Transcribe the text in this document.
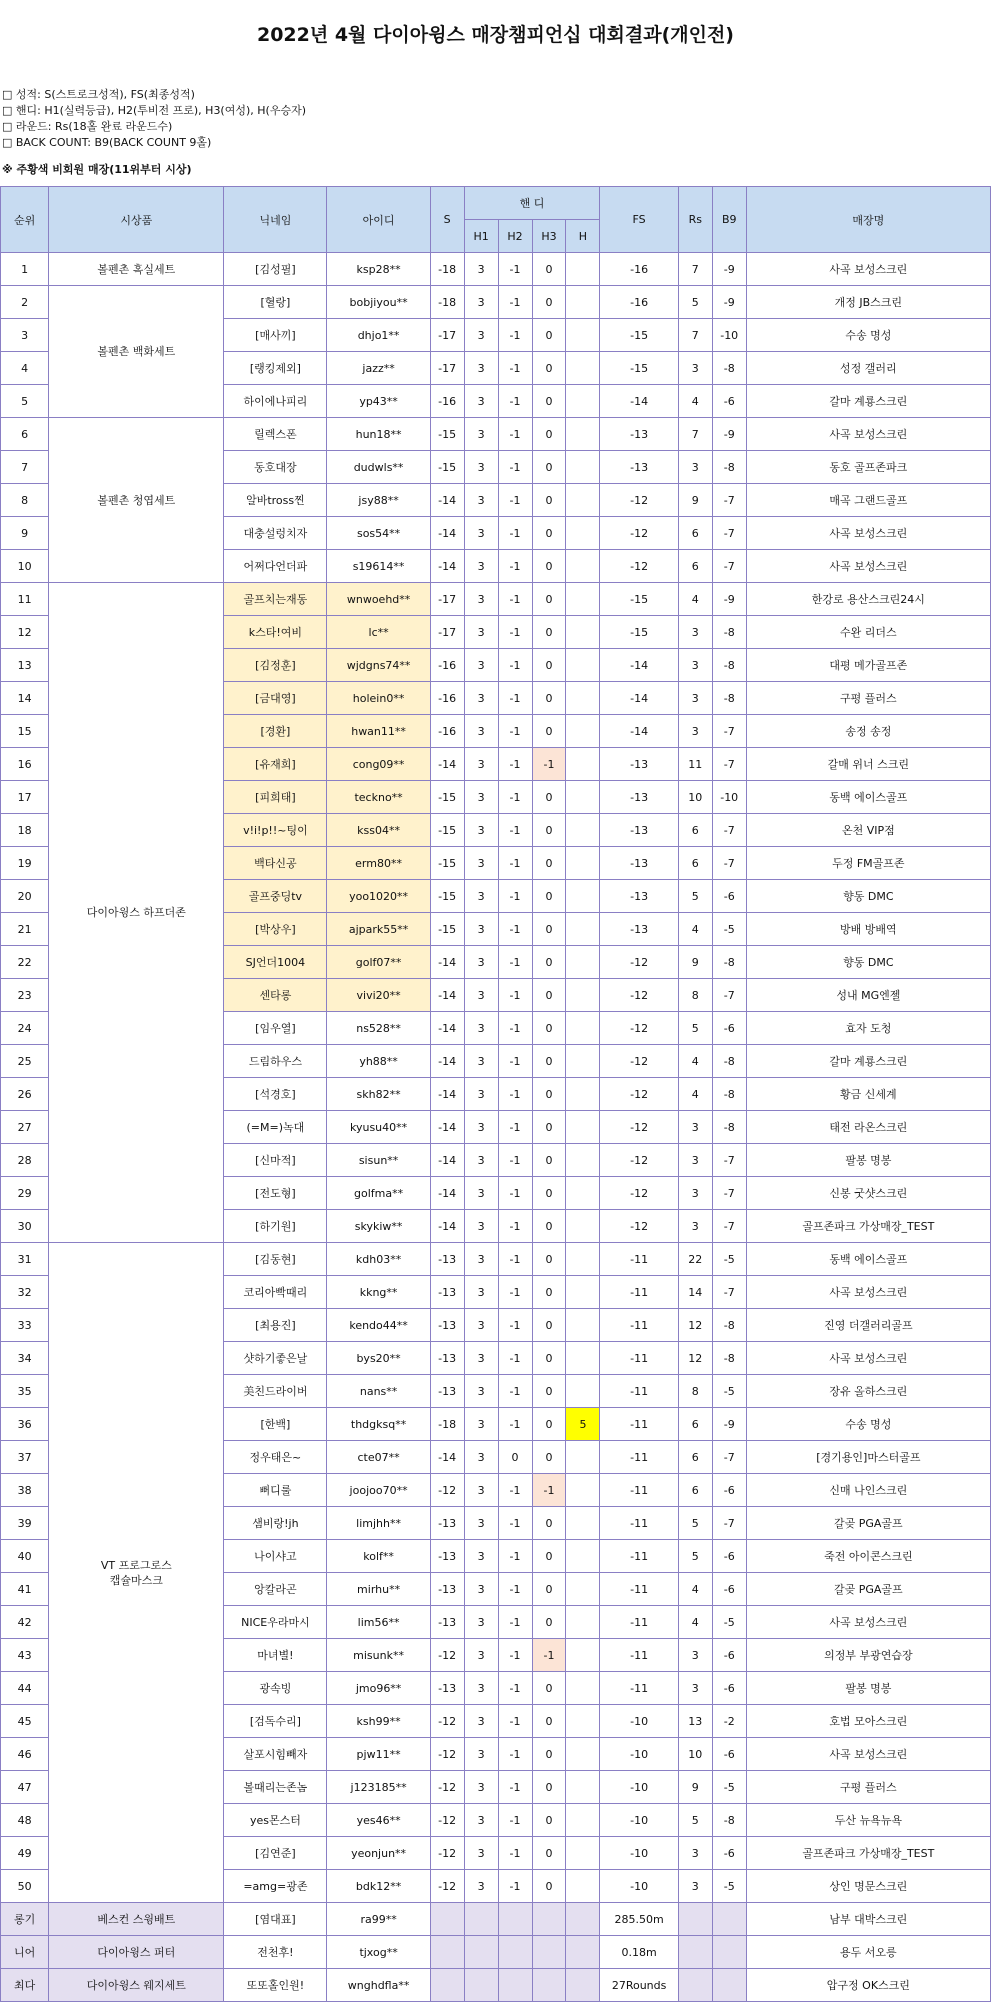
2022년 4월 다이아윙스 매장챔피언십 대회결과(개인전)
□ 성적: S(스트로크성적), FS(최종성적)
□ 핸디: H1(실력등급), H2(투비전 프로), H3(여성), H(우승자)
□ 라운드: Rs(18홀 완료 라운드수)
□ BACK COUNT: B9(BACK COUNT 9홀)
※ 주황색 비회원 매장(11위부터 시상)
순위	시상품	닉네임	아이디	S	핸 디				FS	Rs	B9	매장명
					H1	H2	H3	H				
1	볼펜촌 혹실세트	[김성필]	ksp28**	-18	3	-1	0		-16	7	-9	사곡 보성스크린
2	볼펜촌 백화세트	[혈랑]	bobjiyou**	-18	3	-1	0		-16	5	-9	개정 JB스크린
3		[매사끼]	dhjo1**	-17	3	-1	0		-15	7	-10	수송 명성
4		[랭킹제외]	jazz**	-17	3	-1	0		-15	3	-8	성정 갤러리
5		하이에나피리	yp43**	-16	3	-1	0		-14	4	-6	갈마 계룡스크린
6	볼펜촌 청엽세트	릴렉스폰	hun18**	-15	3	-1	0		-13	7	-9	사곡 보성스크린
7		동호대장	dudwls**	-15	3	-1	0		-13	3	-8	동호 골프존파크
8		알바tross찐	jsy88**	-14	3	-1	0		-12	9	-7	매곡 그랜드골프
9		대충설렁치자	sos54**	-14	3	-1	0		-12	6	-7	사곡 보성스크린
10		어쩌다언더파	s19614**	-14	3	-1	0		-12	6	-7	사곡 보성스크린
11	다이아윙스 하프더존	골프치는재동	wnwoehd**	-17	3	-1	0		-15	4	-9	한강로 용산스크린24시
12		k스타!여비	lc**	-17	3	-1	0		-15	3	-8	수완 리더스
13		[김정훈]	wjdgns74**	-16	3	-1	0		-14	3	-8	대평 메가골프존
14		[금대영]	holein0**	-16	3	-1	0		-14	3	-8	구평 플러스
15		[경환]	hwan11**	-16	3	-1	0		-14	3	-7	송정 송정
16		[유재희]	cong09**	-14	3	-1	-1		-13	11	-7	갈매 위너 스크린
17		[피희태]	teckno**	-15	3	-1	0		-13	10	-10	동백 에이스골프
18		v!i!p!!~팅이	kss04**	-15	3	-1	0		-13	6	-7	온천 VIP점
19		백타신공	erm80**	-15	3	-1	0		-13	6	-7	두정 FM골프존
20		골프중딩tv	yoo1020**	-15	3	-1	0		-13	5	-6	향동 DMC
21		[박상우]	ajpark55**	-15	3	-1	0		-13	4	-5	방배 방배역
22		SJ언더1004	golf07**	-14	3	-1	0		-12	9	-8	향동 DMC
23		센타롱	vivi20**	-14	3	-1	0		-12	8	-7	성내 MG엔젤
24		[임우열]	ns528**	-14	3	-1	0		-12	5	-6	효자 도청
25		드림하우스	yh88**	-14	3	-1	0		-12	4	-8	갈마 계룡스크린
26		[석경호]	skh82**	-14	3	-1	0		-12	4	-8	황금 신세계
27		(=M=)녹대	kyusu40**	-14	3	-1	0		-12	3	-8	태전 라온스크린
28		[신마적]	sisun**	-14	3	-1	0		-12	3	-7	팔봉 명봉
29		[전도형]	golfma**	-14	3	-1	0		-12	3	-7	신봉 굿샷스크린
30		[하기원]	skykiw**	-14	3	-1	0		-12	3	-7	골프존파크 가상매장_TEST
31	VT 프로그로스
캡슐마스크	[김동현]	kdh03**	-13	3	-1	0		-11	22	-5	동백 에이스골프
32		코리아빡때리	kkng**	-13	3	-1	0		-11	14	-7	사곡 보성스크린
33		[최용진]	kendo44**	-13	3	-1	0		-11	12	-8	진영 더갤러리골프
34		샷하기좋은날	bys20**	-13	3	-1	0		-11	12	-8	사곡 보성스크린
35		美친드라이버	nans**	-13	3	-1	0		-11	8	-5	장유 올하스크린
36		[한백]	thdgksq**	-18	3	-1	0	5	-11	6	-9	수송 명성
37		정우태은~	cte07**	-14	3	0	0		-11	6	-7	[경기용인]마스터골프
38		뻐디룰	joojoo70**	-12	3	-1	-1		-11	6	-6	신매 나인스크린
39		샘비랑!jh	limjhh**	-13	3	-1	0		-11	5	-7	갈곶 PGA골프
40		나이샤고	kolf**	-13	3	-1	0		-11	5	-6	죽전 아이콘스크린
41		앙칼라곤	mirhu**	-13	3	-1	0		-11	4	-6	갈곶 PGA골프
42		NICE우라마시	lim56**	-13	3	-1	0		-11	4	-5	사곡 보성스크린
43		마녀별!	misunk**	-12	3	-1	-1		-11	3	-6	의정부 부광연습장
44		광속빙	jmo96**	-13	3	-1	0		-11	3	-6	팔봉 명봉
45		[검독수리]	ksh99**	-12	3	-1	0		-10	13	-2	호법 모아스크린
46		살포시힘빼자	pjw11**	-12	3	-1	0		-10	10	-6	사곡 보성스크린
47		볼때리는존놈	j123185**	-12	3	-1	0		-10	9	-5	구평 플러스
48		yes몬스터	yes46**	-12	3	-1	0		-10	5	-8	두산 뉴욕뉴욕
49		[김연준]	yeonjun**	-12	3	-1	0		-10	3	-6	골프존파크 가상매장_TEST
50		=amg=광존	bdk12**	-12	3	-1	0		-10	3	-5	상인 명문스크린
롱기	베스컨 스윙배트	[염대표]	ra99**						285.50m			남부 대박스크린
니어	다이아윙스 퍼터	전천후!	tjxog**						0.18m			용두 서오릉
최다	다이아윙스 웨지세트	또또홀인원!	wnghdfla**						27Rounds			압구정 OK스크린
